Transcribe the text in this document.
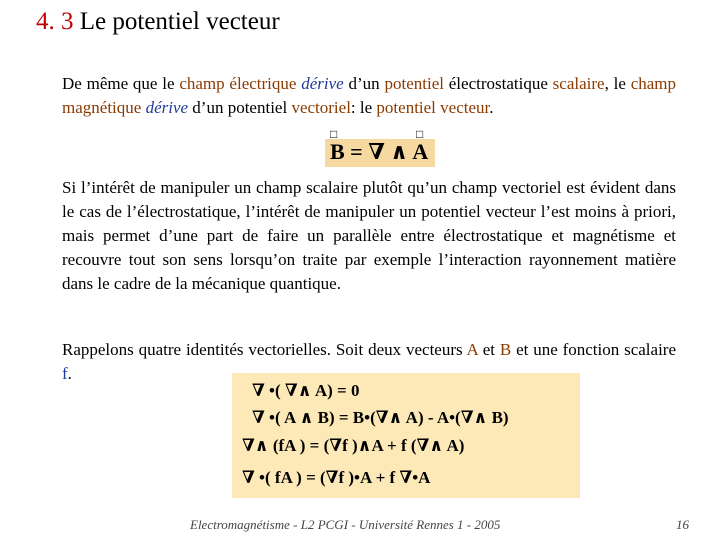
4. 3 Le potentiel vecteur
De même que le champ électrique dérive d’un potentiel électrostatique scalaire, le champ magnétique dérive d’un potentiel vectoriel: le potentiel vecteur.
□	□
B = ∇ ∧ A
Si l’intérêt de manipuler un champ scalaire plutôt qu’un champ vectoriel est évident dans le cas de l’électrostatique, l’intérêt de manipuler un potentiel vecteur l’est moins à priori, mais permet d’une part de faire un parallèle entre électrostatique et magnétisme et recouvre tout son sens lorsqu’on traite par exemple l’interaction rayonnement matière dans le cadre de la mécanique quantique.
Rappelons quatre identités vectorielles. Soit deux vecteurs A et B et une fonction scalaire f.
∇ •( ∇∧ A) = 0
∇ •( A ∧ B) = B•(∇∧ A) - A•(∇∧ B)
∇∧ (fA ) = (∇f )∧A + f (∇∧ A)
∇ •( fA ) = (∇f )•A + f ∇•A
Electromagnétisme - L2 PCGI - Université Rennes 1 - 2005	16
